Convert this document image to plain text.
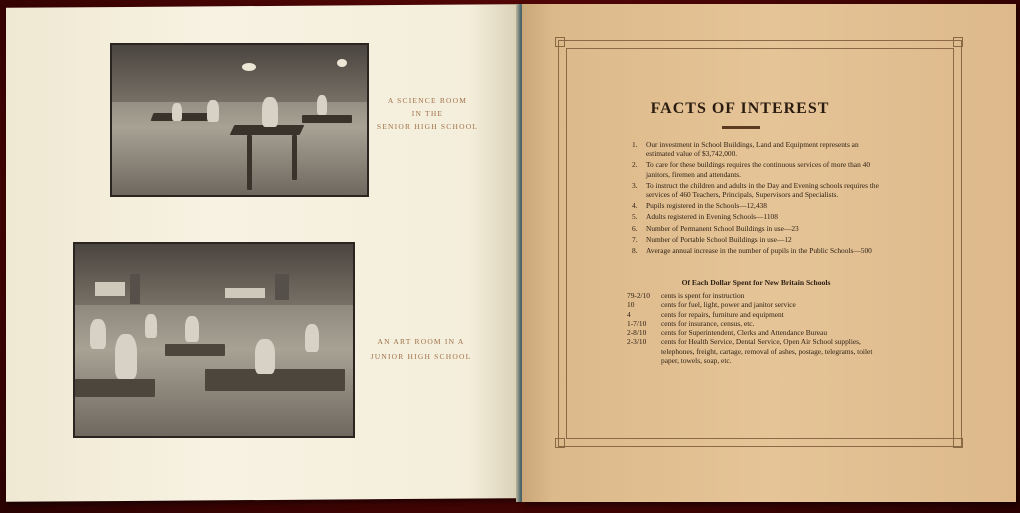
A SCIENCE ROOM
IN THE
SENIOR HIGH SCHOOL
AN ART ROOM IN A
JUNIOR HIGH SCHOOL
FACTS OF INTEREST
1.	Our investment in School Buildings, Land and Equipment represents an estimated value of $3,742,000.
2.	To care for these buildings requires the continuous services of more than 40 janitors, firemen and attendants.
3.	To instruct the children and adults in the Day and Evening schools requires the services of 460 Teachers, Principals, Supervisors and Specialists.
4.	Pupils registered in the Schools—12,438
5.	Adults registered in Evening Schools—1108
6.	Number of Permanent School Buildings in use—23
7.	Number of Portable School Buildings in use—12
8.	Average annual increase in the number of pupils in the Public Schools—500
Of Each Dollar Spent for New Britain Schools
79-2/10	cents is spent for instruction
10	cents for fuel, light, power and janitor service
4	cents for repairs, furniture and equipment
1-7/10	cents for insurance, census, etc.
2-8/10	cents for Superintendent, Clerks and Attendance Bureau
2-3/10	cents for Health Service, Dental Service, Open Air School supplies, telephones, freight, cartage, removal of ashes, postage, telegrams, toilet paper, towels, soap, etc.
